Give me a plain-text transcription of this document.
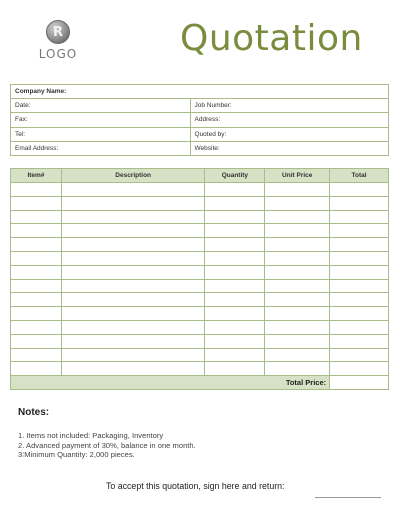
R
LOGO	Quotation
Company Name:	
Date:	Job Number:
Fax:	Address:
Tel:	Quoted by:
Email Address:	Website:
Item#	Description	Quantity	Unit Price	Total

Total Price:				
Notes:
1. Items not included: Packaging, Inventory
2. Advanced payment of 30%, balance in one month.
3∶Minimum Quantity: 2,000 pieces.
To accept this quotation, sign here and return:
